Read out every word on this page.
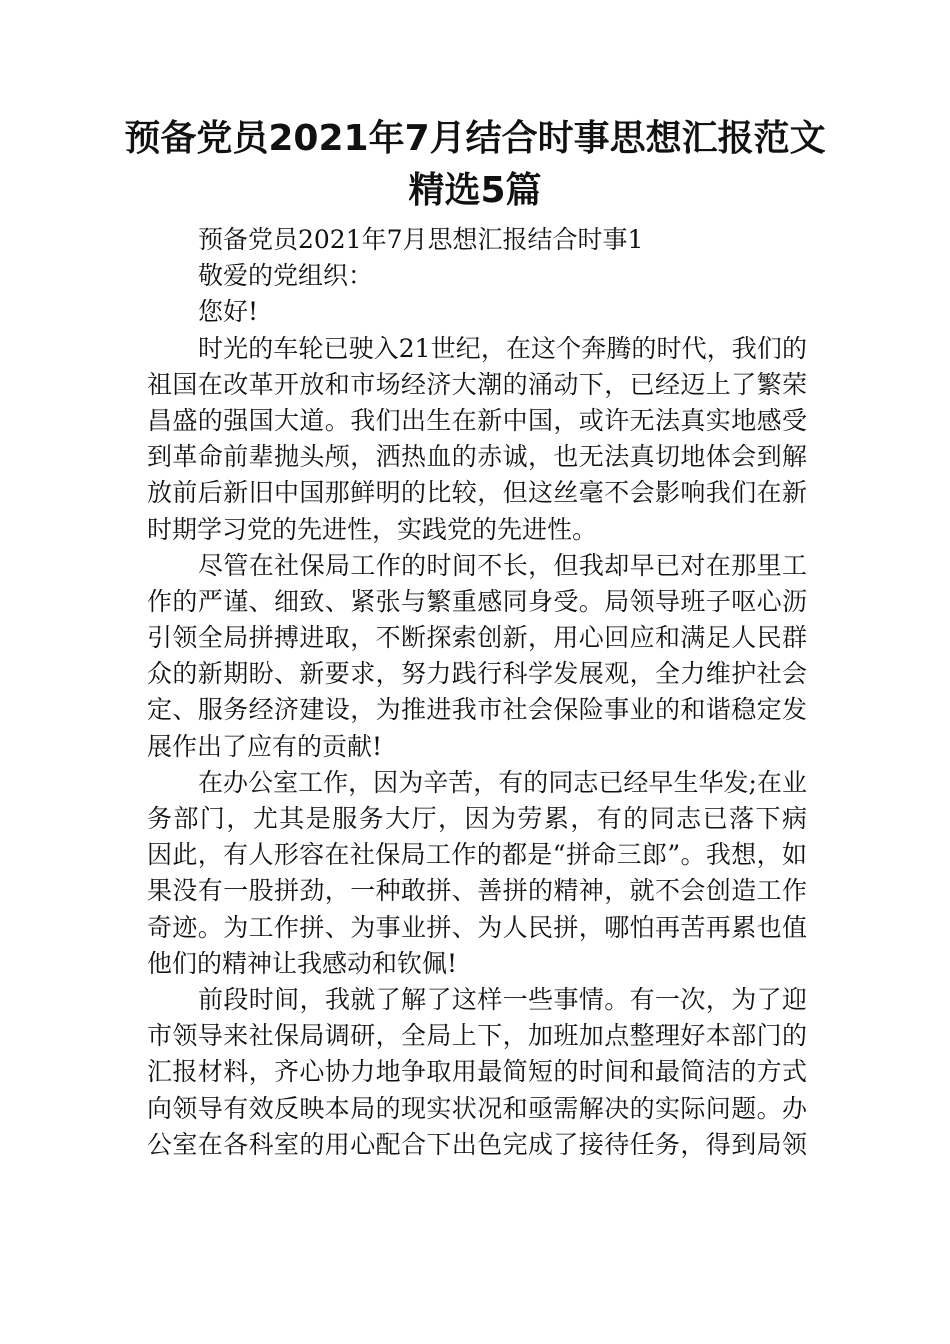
预备党员2021年7月结合时事思想汇报范文
精选5篇
预备党员2021年7月思想汇报结合时事1
敬爱的党组织：
您好!
时光的车轮已驶入21世纪，在这个奔腾的时代，我们的
祖国在改革开放和市场经济大潮的涌动下，已经迈上了繁荣
昌盛的强国大道。我们出生在新中国，或许无法真实地感受
到革命前辈抛头颅，洒热血的赤诚，也无法真切地体会到解
放前后新旧中国那鲜明的比较，但这丝毫不会影响我们在新
时期学习党的先进性，实践党的先进性。
尽管在社保局工作的时间不长，但我却早已对在那里工
作的严谨、细致、紧张与繁重感同身受。局领导班子呕心沥
引领全局拼搏进取，不断探索创新，用心回应和满足人民群
众的新期盼、新要求，努力践行科学发展观，全力维护社会
定、服务经济建设，为推进我市社会保险事业的和谐稳定发
展作出了应有的贡献!
在办公室工作，因为辛苦，有的同志已经早生华发;在业
务部门，尤其是服务大厅，因为劳累，有的同志已落下病
因此，有人形容在社保局工作的都是“拼命三郎”。我想，如
果没有一股拼劲，一种敢拼、善拼的精神，就不会创造工作
奇迹。为工作拼、为事业拼、为人民拼，哪怕再苦再累也值
他们的精神让我感动和钦佩!
前段时间，我就了解了这样一些事情。有一次，为了迎
市领导来社保局调研，全局上下，加班加点整理好本部门的
汇报材料，齐心协力地争取用最简短的时间和最简洁的方式
向领导有效反映本局的现实状况和亟需解决的实际问题。办
公室在各科室的用心配合下出色完成了接待任务，得到局领
